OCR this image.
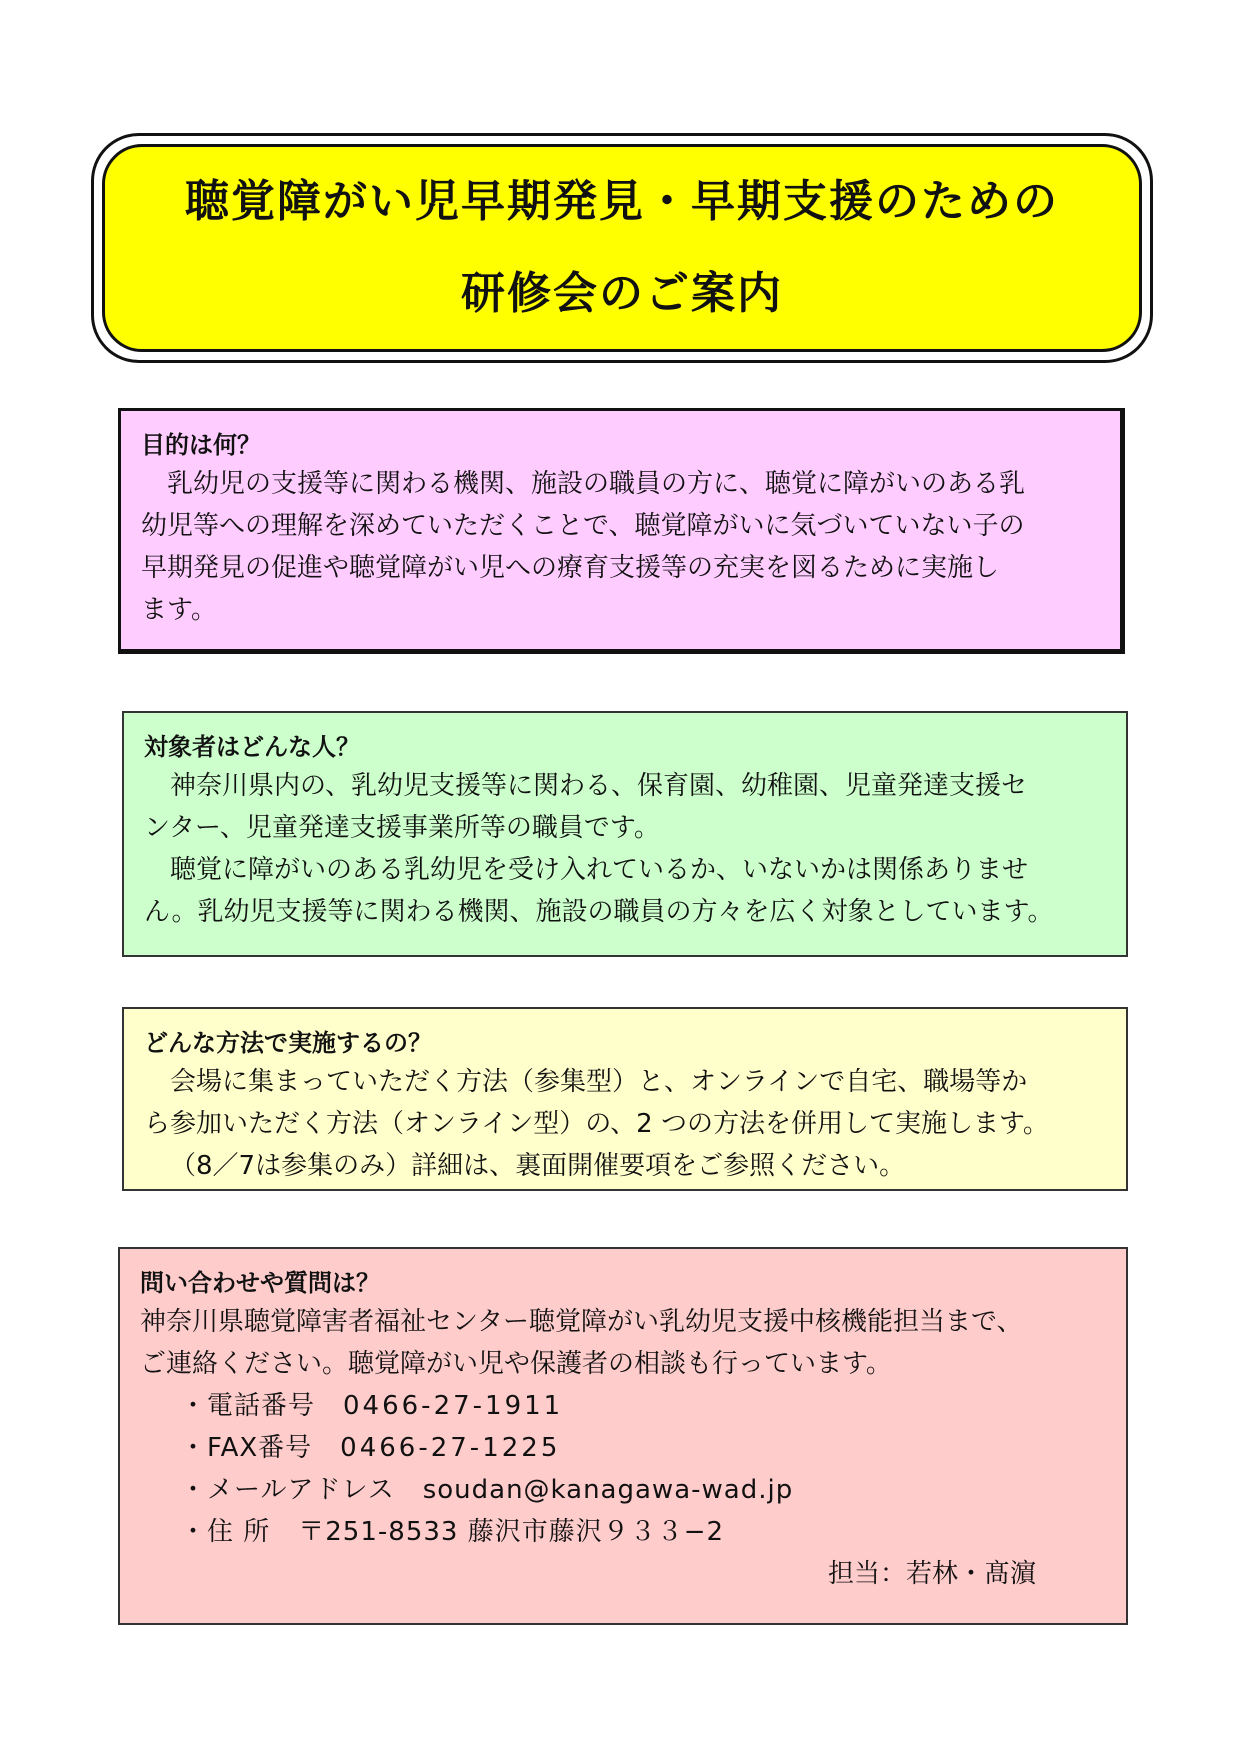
聴覚障がい児早期発見・早期支援のための
研修会のご案内
目的は何？
乳幼児の支援等に関わる機関、施設の職員の方に、聴覚に障がいのある乳
幼児等への理解を深めていただくことで、聴覚障がいに気づいていない子の
早期発見の促進や聴覚障がい児への療育支援等の充実を図るために実施し
ます。
対象者はどんな人？
神奈川県内の、乳幼児支援等に関わる、保育園、幼稚園、児童発達支援セ
ンター、児童発達支援事業所等の職員です。
聴覚に障がいのある乳幼児を受け入れているか、いないかは関係ありませ
ん。乳幼児支援等に関わる機関、施設の職員の方々を広く対象としています。
どんな方法で実施するの？
会場に集まっていただく方法（参集型）と、オンラインで自宅、職場等か
ら参加いただく方法（オンライン型）の、2 つの方法を併用して実施します。
（8／7は参集のみ）詳細は、裏面開催要項をご参照ください。
問い合わせや質問は？
神奈川県聴覚障害者福祉センター聴覚障がい乳幼児支援中核機能担当まで、
ご連絡ください。聴覚障がい児や保護者の相談も行っています。
・電話番号 0466-27-1911
・FAX番号 0466-27-1225
・メールアドレス soudan@kanagawa-wad.jp
・住 所 〒251-8533 藤沢市藤沢９３３−2
担当：若林・髙濵
